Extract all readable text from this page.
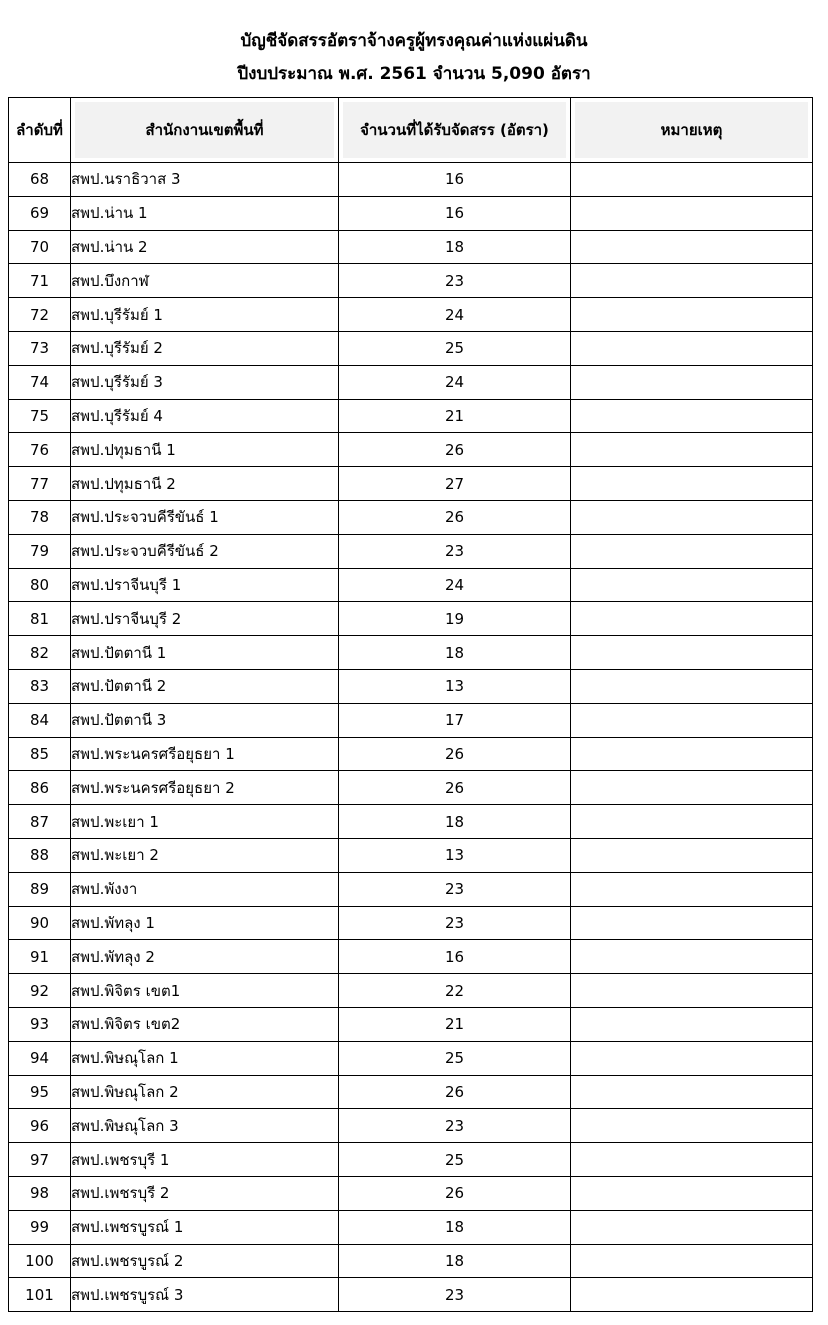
บัญชีจัดสรรอัตราจ้างครูผู้ทรงคุณค่าแห่งแผ่นดิน
ปีงบประมาณ พ.ศ. 2561 จำนวน 5,090 อัตรา
ลำดับที่	สำนักงานเขตพื้นที่	จำนวนที่ได้รับจัดสรร (อัตรา)	หมายเหตุ
68	สพป.นราธิวาส 3	16	
69	สพป.น่าน 1	16	
70	สพป.น่าน 2	18	
71	สพป.บึงกาฬ	23	
72	สพป.บุรีรัมย์ 1	24	
73	สพป.บุรีรัมย์ 2	25	
74	สพป.บุรีรัมย์ 3	24	
75	สพป.บุรีรัมย์ 4	21	
76	สพป.ปทุมธานี 1	26	
77	สพป.ปทุมธานี 2	27	
78	สพป.ประจวบคีรีขันธ์ 1	26	
79	สพป.ประจวบคีรีขันธ์ 2	23	
80	สพป.ปราจีนบุรี 1	24	
81	สพป.ปราจีนบุรี 2	19	
82	สพป.ปัตตานี 1	18	
83	สพป.ปัตตานี 2	13	
84	สพป.ปัตตานี 3	17	
85	สพป.พระนครศรีอยุธยา 1	26	
86	สพป.พระนครศรีอยุธยา 2	26	
87	สพป.พะเยา 1	18	
88	สพป.พะเยา 2	13	
89	สพป.พังงา	23	
90	สพป.พัทลุง 1	23	
91	สพป.พัทลุง 2	16	
92	สพป.พิจิตร เขต1	22	
93	สพป.พิจิตร เขต2	21	
94	สพป.พิษณุโลก 1	25	
95	สพป.พิษณุโลก 2	26	
96	สพป.พิษณุโลก 3	23	
97	สพป.เพชรบุรี 1	25	
98	สพป.เพชรบุรี 2	26	
99	สพป.เพชรบูรณ์ 1	18	
100	สพป.เพชรบูรณ์ 2	18	
101	สพป.เพชรบูรณ์ 3	23	
